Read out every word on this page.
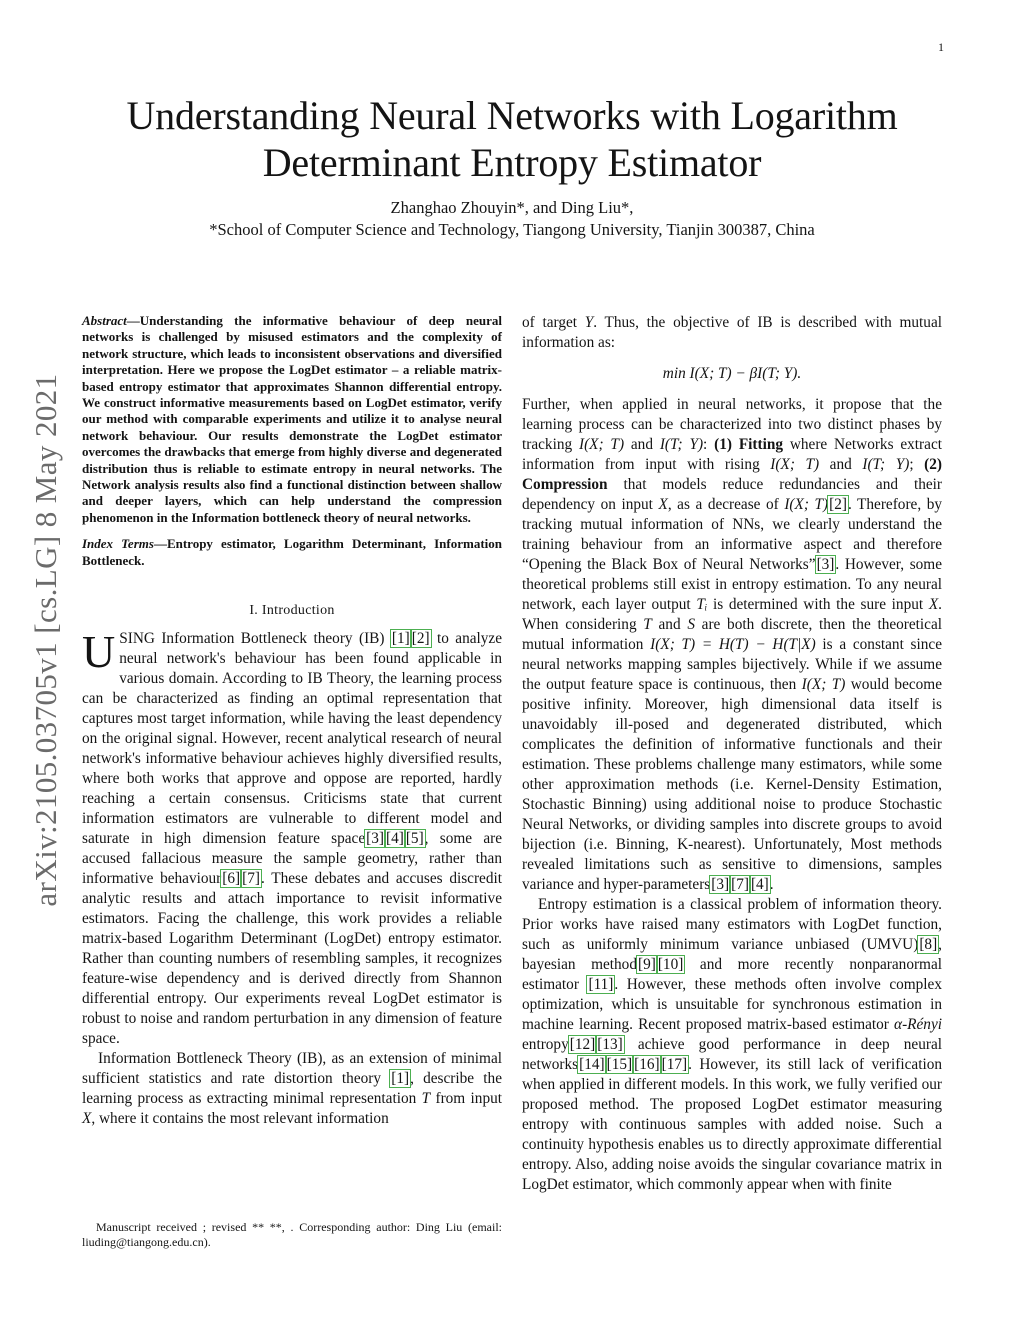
1
arXiv:2105.03705v1 [cs.LG] 8 May 2021
Understanding Neural Networks with Logarithm
Determinant Entropy Estimator
Zhanghao Zhouyin*, and Ding Liu*,
*School of Computer Science and Technology, Tiangong University, Tianjin 300387, China

Abstract—Understanding the informative behaviour of deep neural networks is challenged by misused estimators and the complexity of network structure, which leads to inconsistent observations and diversified interpretation. Here we propose the LogDet estimator – a reliable matrix-based entropy estimator that approximates Shannon differential entropy. We construct informative measurements based on LogDet estimator, verify our method with comparable experiments and utilize it to analyse neural network behaviour. Our results demonstrate the LogDet estimator overcomes the drawbacks that emerge from highly diverse and degenerated distribution thus is reliable to estimate entropy in neural networks. The Network analysis results also find a functional distinction between shallow and deeper layers, which can help understand the compression phenomenon in the Information bottleneck theory of neural networks.

Index Terms—Entropy estimator, Logarithm Determinant, Information Bottleneck.

I. Introduction

USING Information Bottleneck theory (IB) [1] [2] to analyze neural network's behaviour has been found applicable in various domain. According to IB Theory, the learning process can be characterized as finding an optimal representation that captures most target information, while having the least dependency on the original signal. However, recent analytical research of neural network's informative behaviour achieves highly diversified results, where both works that approve and oppose are reported, hardly reaching a certain consensus. Criticisms state that current information estimators are vulnerable to different model and saturate in high dimension feature space[3] [4] [5], some are accused fallacious measure the sample geometry, rather than informative behaviour[6] [7]. These debates and accuses discredit analytic results and attach importance to revisit informative estimators. Facing the challenge, this work provides a reliable matrix-based Logarithm Determinant (LogDet) entropy estimator. Rather than counting numbers of resembling samples, it recognizes feature-wise dependency and is derived directly from Shannon differential entropy. Our experiments reveal LogDet estimator is robust to noise and random perturbation in any dimension of feature space.

Information Bottleneck Theory (IB), as an extension of minimal sufficient statistics and rate distortion theory [1], describe the learning process as extracting minimal representation T from input X, where it contains the most relevant information

Manuscript received ; revised ** **, . Corresponding author: Ding Liu (email: liuding@tiangong.edu.cn).

of target Y. Thus, the objective of IB is described with mutual information as:

min I(X; T) − βI(T; Y).

Further, when applied in neural networks, it propose that the learning process can be characterized into two distinct phases by tracking I(X; T) and I(T; Y): (1) Fitting where Networks extract information from input with rising I(X; T) and I(T; Y); (2) Compression that models reduce redundancies and their dependency on input X, as a decrease of I(X; T)[2]. Therefore, by tracking mutual information of NNs, we clearly understand the training behaviour from an informative aspect and therefore “Opening the Black Box of Neural Networks”[3]. However, some theoretical problems still exist in entropy estimation. To any neural network, each layer output Tᵢ is determined with the sure input X. When considering T and S are both discrete, then the theoretical mutual information I(X; T) = H(T) − H(T|X) is a constant since neural networks mapping samples bijectively. While if we assume the output feature space is continuous, then I(X; T) would become positive infinity. Moreover, high dimensional data itself is unavoidably ill-posed and degenerated distributed, which complicates the definition of informative functionals and their estimation. These problems challenge many estimators, while some other approximation methods (i.e. Kernel-Density Estimation, Stochastic Binning) using additional noise to produce Stochastic Neural Networks, or dividing samples into discrete groups to avoid bijection (i.e. Binning, K-nearest). Unfortunately, Most methods revealed limitations such as sensitive to dimensions, samples variance and hyper-parameters[3] [7] [4].

Entropy estimation is a classical problem of information theory. Prior works have raised many estimators with LogDet function, such as uniformly minimum variance unbiased (UMVU)[8], bayesian method[9] [10] and more recently nonparanormal estimator [11]. However, these methods often involve complex optimization, which is unsuitable for synchronous estimation in machine learning. Recent proposed matrix-based estimator α-Rényi entropy[12] [13] achieve good performance in deep neural networks[14] [15] [16] [17]. However, its still lack of verification when applied in different models. In this work, we fully verified our proposed method. The proposed LogDet estimator measuring entropy with continuous samples with added noise. Such a continuity hypothesis enables us to directly approximate differential entropy. Also, adding noise avoids the singular covariance matrix in LogDet estimator, which commonly appear when with finite
